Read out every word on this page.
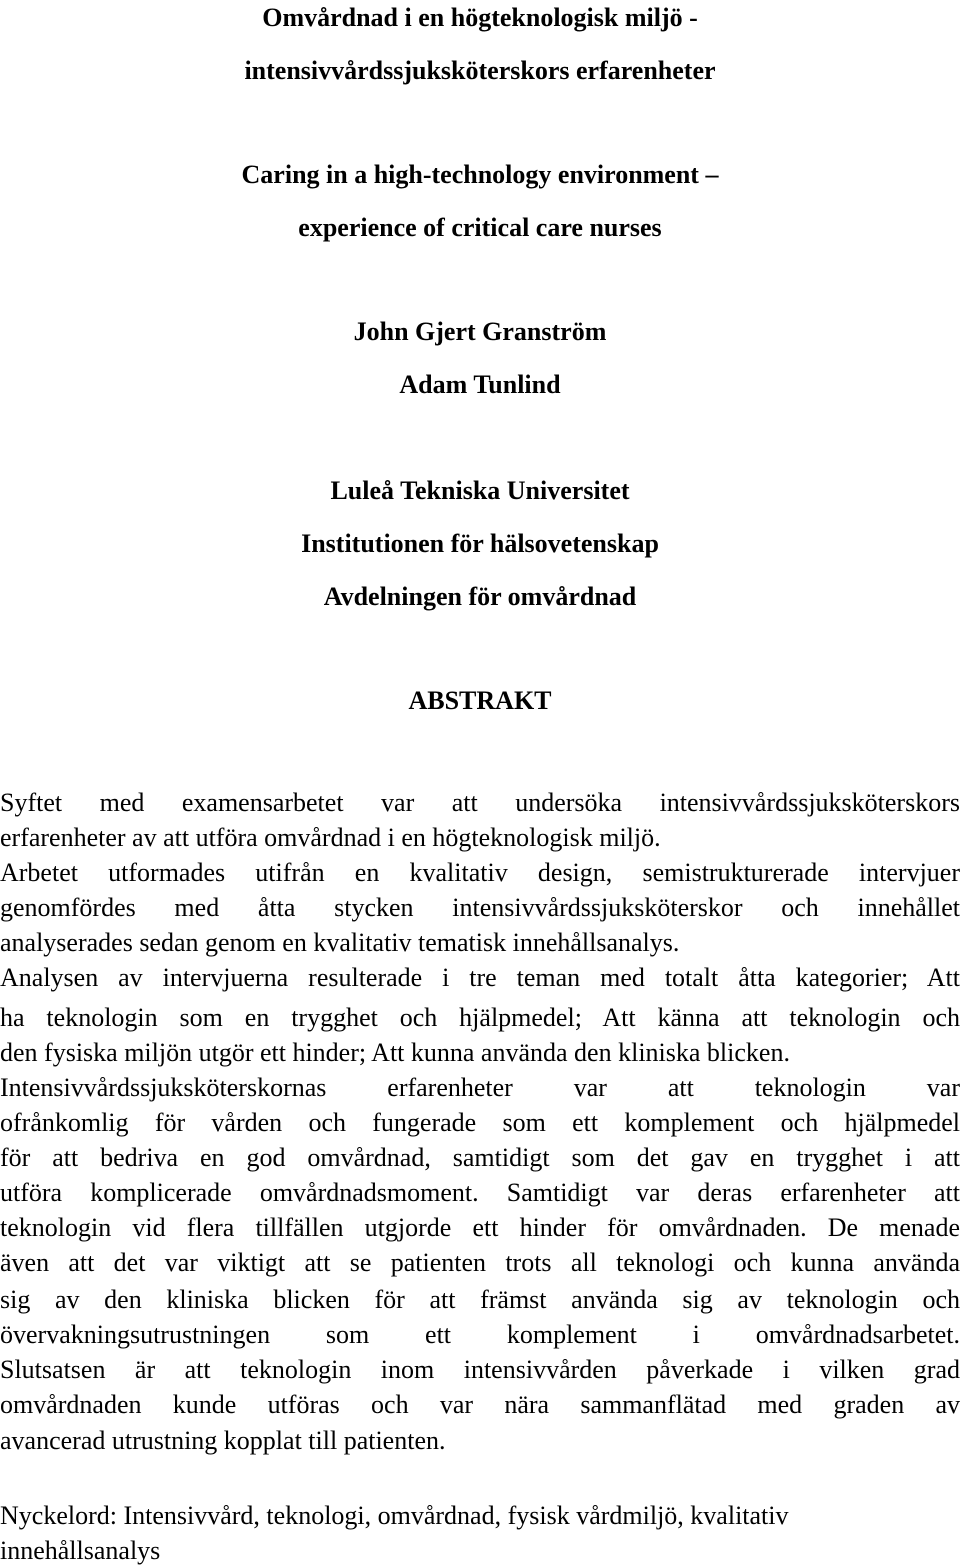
Omvårdnad i en högteknologisk miljö -
intensivvårdssjuksköterskors erfarenheter
Caring in a high-technology environment –
experience of critical care nurses
John Gjert Granström
Adam Tunlind
Luleå Tekniska Universitet
Institutionen för hälsovetenskap
Avdelningen för omvårdnad
ABSTRAKT
Syftet med examensarbetet var att undersöka intensivvårdssjuksköterskors
erfarenheter av att utföra omvårdnad i en högteknologisk miljö.
Arbetet utformades utifrån en kvalitativ design, semistrukturerade intervjuer
genomfördes med åtta stycken intensivvårdssjuksköterskor och innehållet
analyserades sedan genom en kvalitativ tematisk innehållsanalys.
Analysen av intervjuerna resulterade i tre teman med totalt åtta kategorier; Att
ha teknologin som en trygghet och hjälpmedel; Att känna att teknologin och
den fysiska miljön utgör ett hinder; Att kunna använda den kliniska blicken.
Intensivvårdssjuksköterskornas erfarenheter var att teknologin var
ofrånkomlig för vården och fungerade som ett komplement och hjälpmedel
för att bedriva en god omvårdnad, samtidigt som det gav en trygghet i att
utföra komplicerade omvårdnadsmoment. Samtidigt var deras erfarenheter att
teknologin vid flera tillfällen utgjorde ett hinder för omvårdnaden. De menade
även att det var viktigt att se patienten trots all teknologi och kunna använda
sig av den kliniska blicken för att främst använda sig av teknologin och
övervakningsutrustningen som ett komplement i omvårdnadsarbetet.
Slutsatsen är att teknologin inom intensivvården påverkade i vilken grad
omvårdnaden kunde utföras och var nära sammanflätad med graden av
avancerad utrustning kopplat till patienten.
Nyckelord: Intensivvård, teknologi, omvårdnad, fysisk vårdmiljö, kvalitativ
innehållsanalys
